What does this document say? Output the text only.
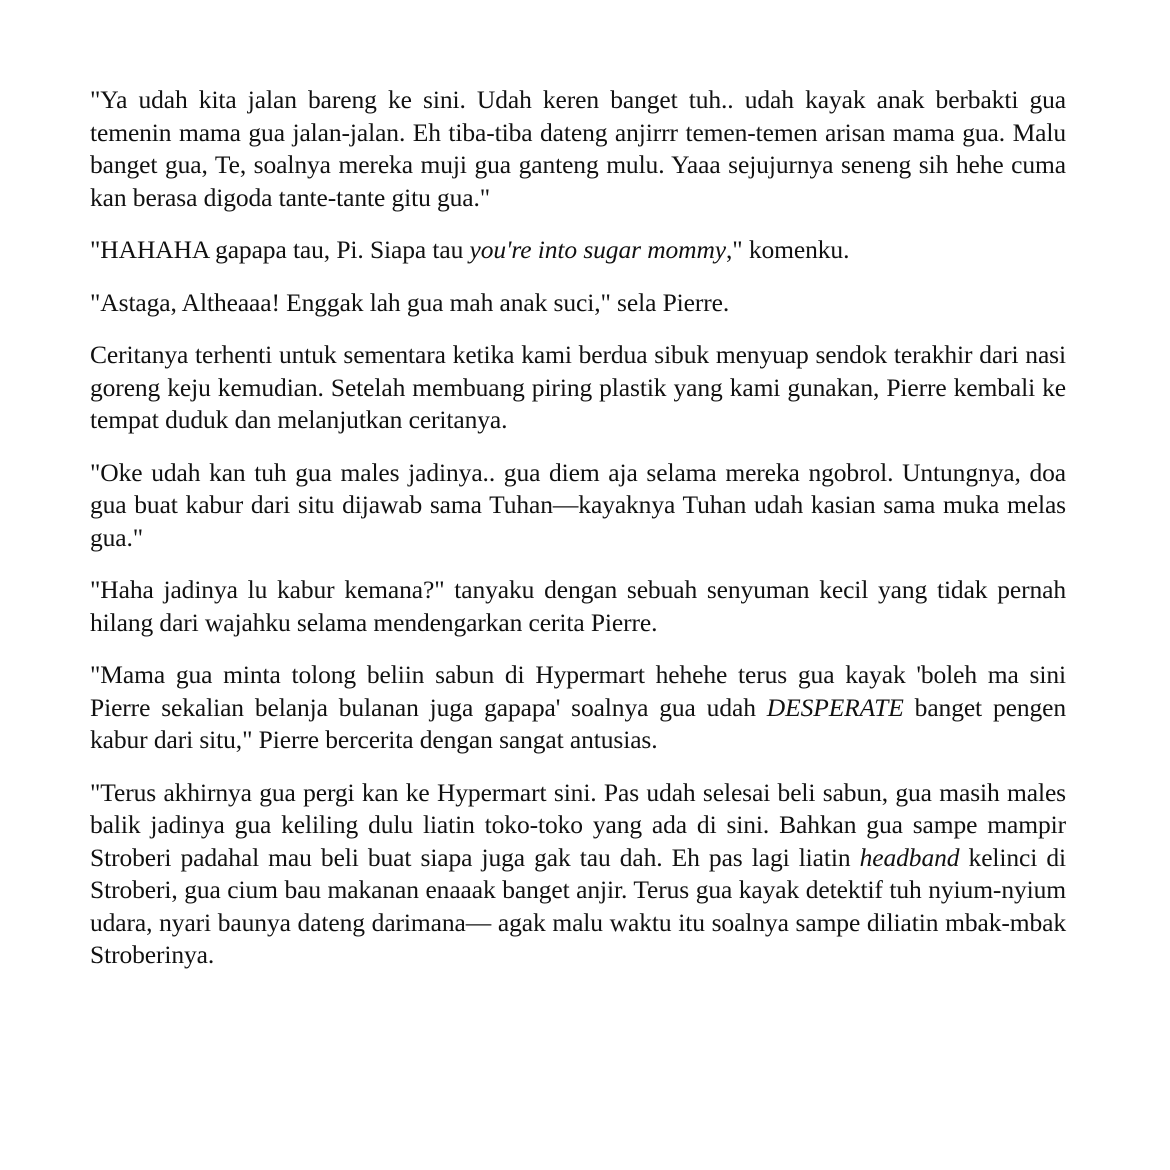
"Ya udah kita jalan bareng ke sini. Udah keren banget tuh.. udah kayak anak berbakti gua temenin mama gua jalan-jalan. Eh tiba-tiba dateng anjirrr temen-temen arisan mama gua. Malu banget gua, Te, soalnya mereka muji gua ganteng mulu. Yaaa sejujurnya seneng sih hehe cuma kan berasa digoda tante-tante gitu gua."

"HAHAHA gapapa tau, Pi. Siapa tau you're into sugar mommy," komenku.

"Astaga, Altheaaa! Enggak lah gua mah anak suci," sela Pierre.

Ceritanya terhenti untuk sementara ketika kami berdua sibuk menyuap sendok terakhir dari nasi goreng keju kemudian. Setelah membuang piring plastik yang kami gunakan, Pierre kembali ke tempat duduk dan melanjutkan ceritanya.

"Oke udah kan tuh gua males jadinya.. gua diem aja selama mereka ngobrol. Untungnya, doa gua buat kabur dari situ dijawab sama Tuhan—kayaknya Tuhan udah kasian sama muka melas gua."

"Haha jadinya lu kabur kemana?" tanyaku dengan sebuah senyuman kecil yang tidak pernah hilang dari wajahku selama mendengarkan cerita Pierre.

"Mama gua minta tolong beliin sabun di Hypermart hehehe terus gua kayak 'boleh ma sini Pierre sekalian belanja bulanan juga gapapa' soalnya gua udah DESPERATE banget pengen kabur dari situ," Pierre bercerita dengan sangat antusias.

"Terus akhirnya gua pergi kan ke Hypermart sini. Pas udah selesai beli sabun, gua masih males balik jadinya gua keliling dulu liatin toko-toko yang ada di sini. Bahkan gua sampe mampir Stroberi padahal mau beli buat siapa juga gak tau dah. Eh pas lagi liatin headband kelinci di Stroberi, gua cium bau makanan enaaak banget anjir. Terus gua kayak detektif tuh nyium-nyium udara, nyari baunya dateng darimana— agak malu waktu itu soalnya sampe diliatin mbak-mbak Stroberinya.
